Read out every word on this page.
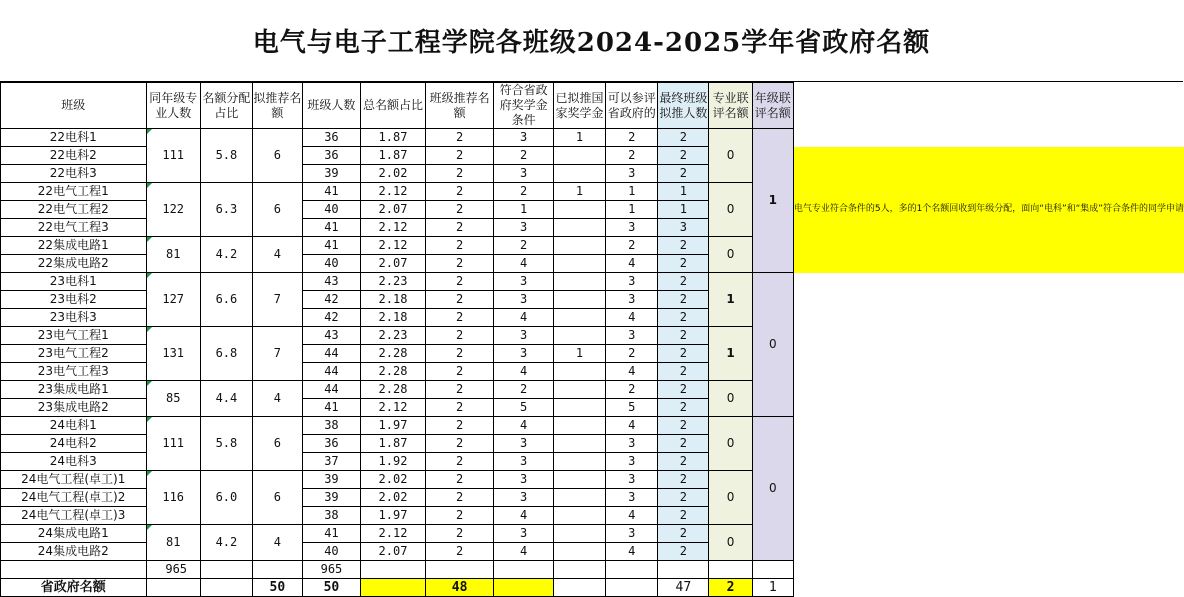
电气与电子工程学院各班级2024-2025学年省政府名额
班级	同年级专业人数	名额分配占比	拟推荐名额	班级人数	总名额占比	班级推荐名额	符合省政府奖学金条件	已拟推国家奖学金	可以参评省政府的	最终班级拟推人数	专业联评名额	年级联评名额	
22电科1	111	5.8	6	36	1.87	2	3	1	2	2	0	1	
22电科2				36	1.87	2	2		2	2			电气专业符合条件的5人，多的1个名额回收到年级分配，面向“电科”和“集成”符合条件的同学申请
22电科3				39	2.02	2	3		3	2			
22电气工程1	122	6.3	6	41	2.12	2	2	1	1	1	0		
22电气工程2				40	2.07	2	1		1	1			
22电气工程3				41	2.12	2	3		3	3			
22集成电路1	81	4.2	4	41	2.12	2	2		2	2	0		
22集成电路2				40	2.07	2	4		4	2			
23电科1	127	6.6	7	43	2.23	2	3		3	2	1	0	
23电科2				42	2.18	2	3		3	2			
23电科3				42	2.18	2	4		4	2			
23电气工程1	131	6.8	7	43	2.23	2	3		3	2	1		
23电气工程2				44	2.28	2	3	1	2	2			
23电气工程3				44	2.28	2	4		4	2			
23集成电路1	85	4.4	4	44	2.28	2	2		2	2	0		
23集成电路2				41	2.12	2	5		5	2			
24电科1	111	5.8	6	38	1.97	2	4		4	2	0	0	
24电科2				36	1.87	2	3		3	2			
24电科3				37	1.92	2	3		3	2			
24电气工程(卓工)1	116	6.0	6	39	2.02	2	3		3	2	0		
24电气工程(卓工)2				39	2.02	2	3		3	2			
24电气工程(卓工)3				38	1.97	2	4		4	2			
24集成电路1	81	4.2	4	41	2.12	2	3		3	2	0		
24集成电路2				40	2.07	2	4		4	2			
	965			965									
省政府名额			50	50		48				47	2	1	
